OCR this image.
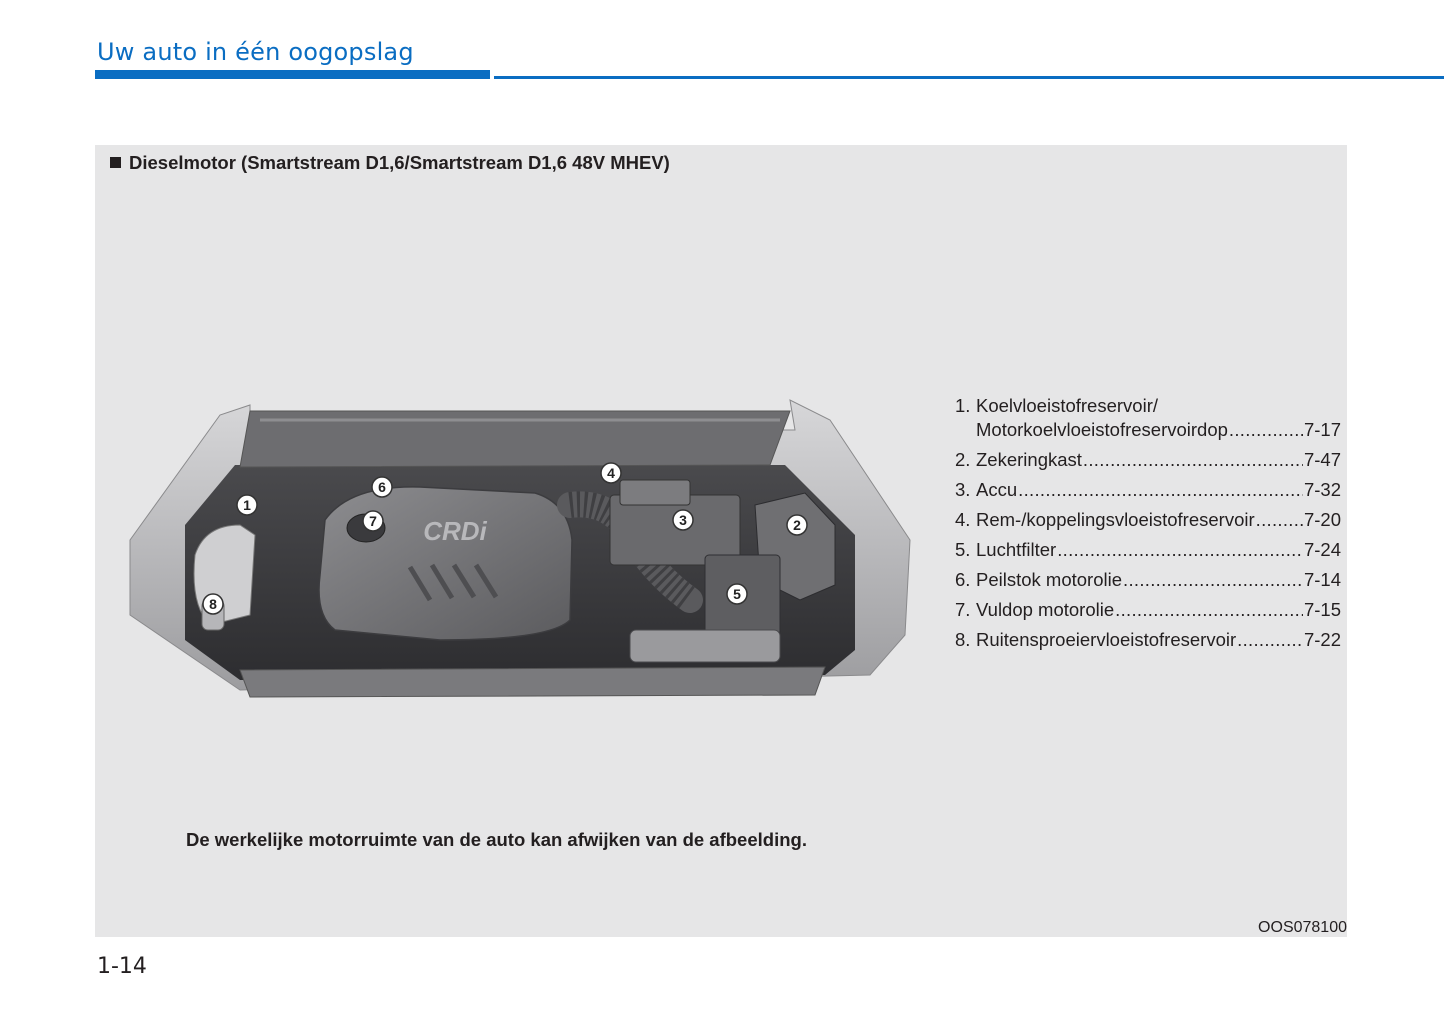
Uw auto in één oogopslag
Dieselmotor (Smartstream D1,6/Smartstream D1,6 48V MHEV)
CRDi
1
2
3
4
5
6
7
8
1. Koelvloeistofreservoir/
Motorkoelvloeistofreservoirdop .....	7-17
2. Zekeringkast .....	7-47
3. Accu .....	7-32
4. Rem-/koppelingsvloeistofreservoir .....	7-20
5. Luchtfilter .....	7-24
6. Peilstok motorolie .....	7-14
7. Vuldop motorolie .....	7-15
8. Ruitensproeiervloeistofreservoir .....	7-22
De werkelijke motorruimte van de auto kan afwijken van de afbeelding.
OOS078100
1-14
